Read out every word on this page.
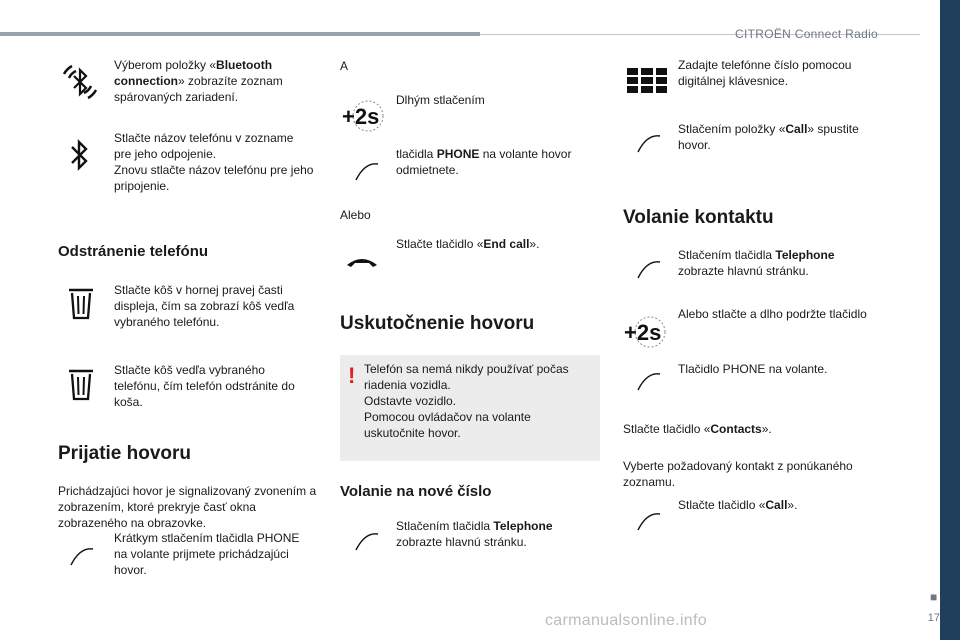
CITROËN Connect Radio
■
17
Výberom položky «Bluetooth connection» zobrazíte zoznam spárovaných zariadení.
Stlačte názov telefónu v zozname pre jeho odpojenie.
Znovu stlačte názov telefónu pre jeho pripojenie.
Odstránenie telefónu
Stlačte kôš v hornej pravej časti displeja, čím sa zobrazí kôš vedľa vybraného telefónu.
Stlačte kôš vedľa vybraného telefónu, čím telefón odstránite do koša.
Prijatie hovoru
Prichádzajúci hovor je signalizovaný zvonením a zobrazením, ktoré prekryje časť okna zobrazeného na obrazovke.
Krátkym stlačením tlačidla PHONE na volante prijmete prichádzajúci hovor.
A
+2s
Dlhým stlačením
tlačidla PHONE na volante hovor odmietnete.
Alebo
Stlačte tlačidlo «End call».
Uskutočnenie hovoru
! Telefón sa nemá nikdy používať počas riadenia vozidla.
Odstavte vozidlo.
Pomocou ovládačov na volante uskutočnite hovor.
Volanie na nové číslo
Stlačením tlačidla Telephone zobrazte hlavnú stránku.
Zadajte telefónne číslo pomocou digitálnej klávesnice.
Stlačením položky «Call» spustite hovor.
Volanie kontaktu
Stlačením tlačidla Telephone zobrazte hlavnú stránku.
+2s
Alebo stlačte a dlho podržte tlačidlo
Tlačidlo PHONE na volante.
Stlačte tlačidlo «Contacts».
Vyberte požadovaný kontakt z ponúkaného zoznamu.
Stlačte tlačidlo «Call».
carmanualsonline.info
